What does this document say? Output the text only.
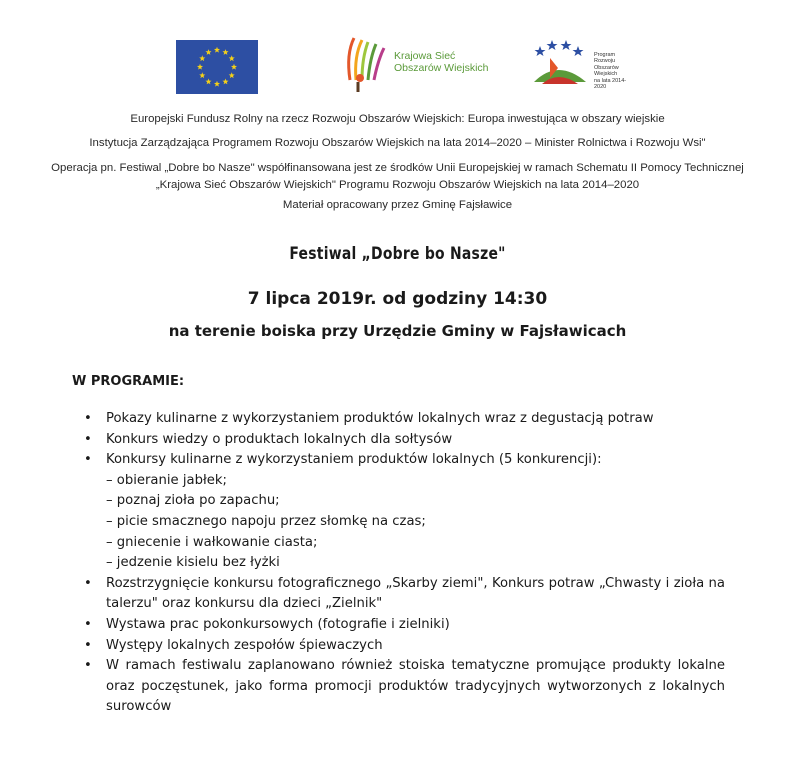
Krajowa Sieć
Obszarów Wiejskich
Program
Rozwoju
Obszarów
Wiejskich
na lata 2014-2020
Europejski Fundusz Rolny na rzecz Rozwoju Obszarów Wiejskich: Europa inwestująca w obszary wiejskie
Instytucja Zarządzająca Programem Rozwoju Obszarów Wiejskich na lata 2014–2020 – Minister Rolnictwa i Rozwoju Wsi"
Operacja pn. Festiwal „Dobre bo Nasze" współfinansowana jest ze środków Unii Europejskiej w ramach Schematu II Pomocy Technicznej
„Krajowa Sieć Obszarów Wiejskich" Programu Rozwoju Obszarów Wiejskich na lata 2014–2020
Materiał opracowany przez Gminę Fajsławice
Festiwal „Dobre bo Nasze"
7 lipca 2019r. od godziny 14:30
na terenie boiska przy Urzędzie Gminy w Fajsławicach
W PROGRAMIE:
• Pokazy kulinarne z wykorzystaniem produktów lokalnych wraz z degustacją potraw
• Konkurs wiedzy o produktach lokalnych dla sołtysów
• Konkursy kulinarne z wykorzystaniem produktów lokalnych (5 konkurencji):
– obieranie jabłek;
– poznaj zioła po zapachu;
– picie smacznego napoju przez słomkę na czas;
– gniecenie i wałkowanie ciasta;
– jedzenie kisielu bez łyżki
• Rozstrzygnięcie konkursu fotograficznego „Skarby ziemi", Konkurs potraw „Chwasty i zioła na talerzu" oraz konkursu dla dzieci „Zielnik"
• Wystawa prac pokonkursowych (fotografie i zielniki)
• Występy lokalnych zespołów śpiewaczych
• W ramach festiwalu zaplanowano również stoiska tematyczne promujące produkty lokalne oraz poczęstunek, jako forma promocji produktów tradycyjnych wytworzonych z lokalnych surowców
